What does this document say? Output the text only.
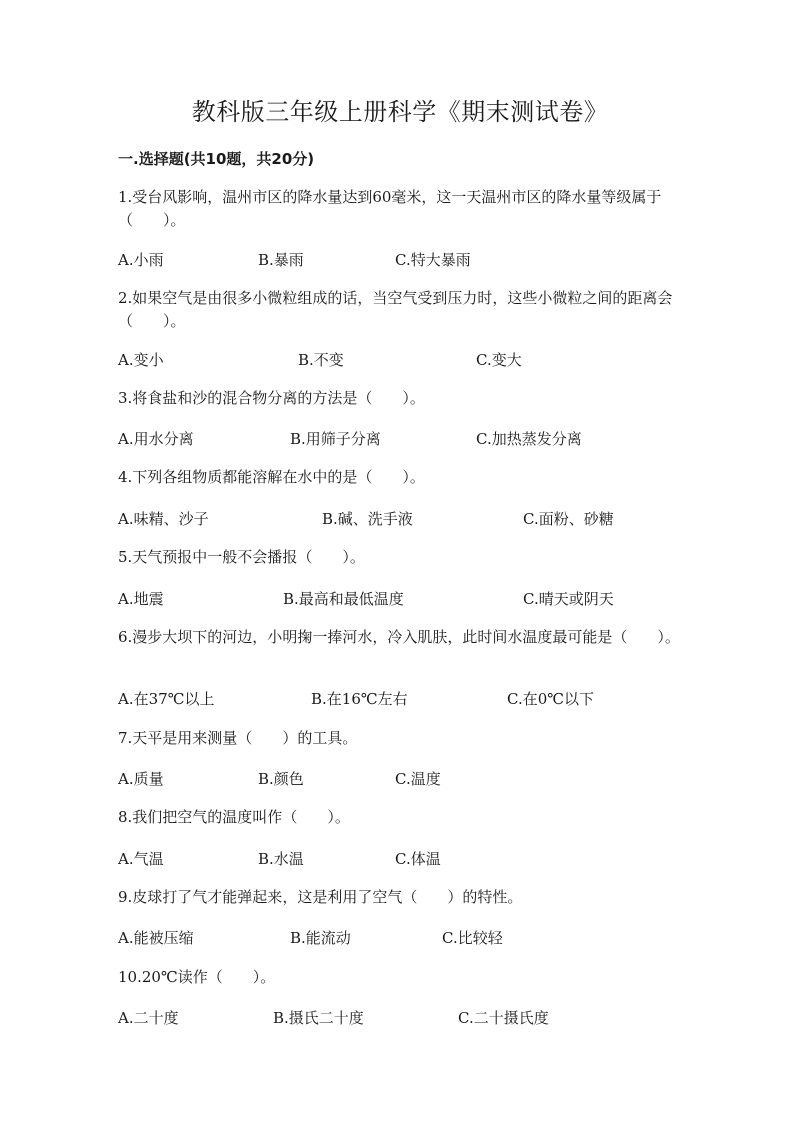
教科版三年级上册科学《期末测试卷》
一.选择题(共10题，共20分)
1.受台风影响，温州市区的降水量达到60毫米，这一天温州市区的降水量等级属于（　　）。
A.小雨	B.暴雨	C.特大暴雨
2.如果空气是由很多小微粒组成的话，当空气受到压力时，这些小微粒之间的距离会（　　）。
A.变小	B.不变	C.变大
3.将食盐和沙的混合物分离的方法是（　　）。
A.用水分离	B.用筛子分离	C.加热蒸发分离
4.下列各组物质都能溶解在水中的是（　　）。
A.味精、沙子	B.碱、洗手液	C.面粉、砂糖
5.天气预报中一般不会播报（　　）。
A.地震	B.最高和最低温度	C.晴天或阴天
6.漫步大坝下的河边，小明掬一捧河水，冷入肌肤，此时间水温度最可能是（　　）。
A.在37℃以上	B.在16℃左右	C.在0℃以下
7.天平是用来测量（　　）的工具。
A.质量	B.颜色	C.温度
8.我们把空气的温度叫作（　　）。
A.气温	B.水温	C.体温
9.皮球打了气才能弹起来，这是利用了空气（　　）的特性。
A.能被压缩	B.能流动	C.比较轻
10.20℃读作（　　）。
A.二十度	B.摄氏二十度	C.二十摄氏度
